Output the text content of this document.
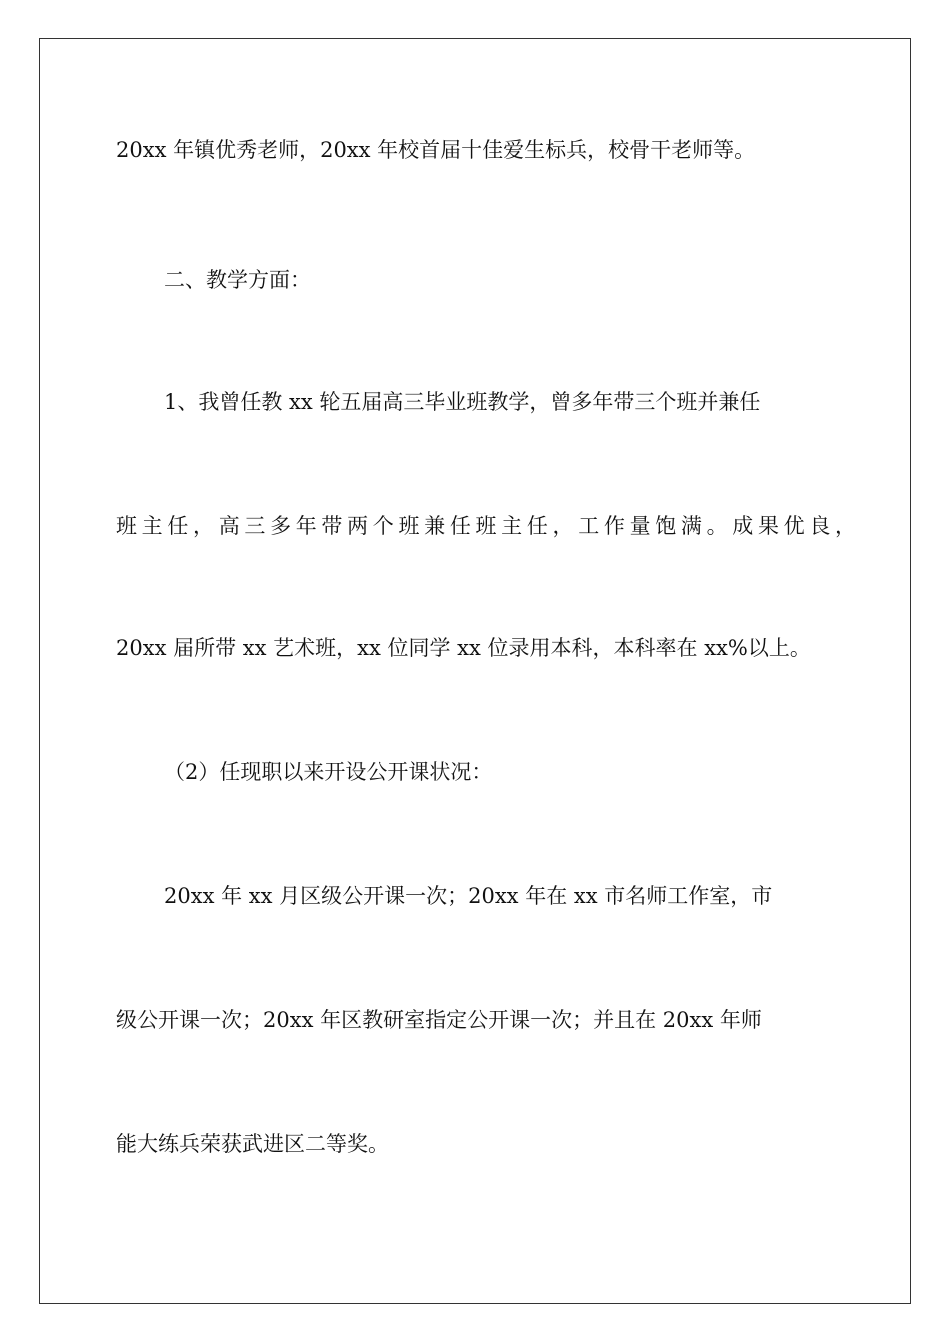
20xx 年镇优秀老师，20xx 年校首届十佳爱生标兵，校骨干老师等。

二、教学方面：

1、我曾任教 xx 轮五届高三毕业班教学，曾多年带三个班并兼任

班主任，高三多年带两个班兼任班主任，工作量饱满。成果优良，

20xx 届所带 xx 艺术班，xx 位同学 xx 位录用本科，本科率在 xx%以上。

（2）任现职以来开设公开课状况：

20xx 年 xx 月区级公开课一次；20xx 年在 xx 市名师工作室，市

级公开课一次；20xx 年区教研室指定公开课一次；并且在 20xx 年师

能大练兵荣获武进区二等奖。
